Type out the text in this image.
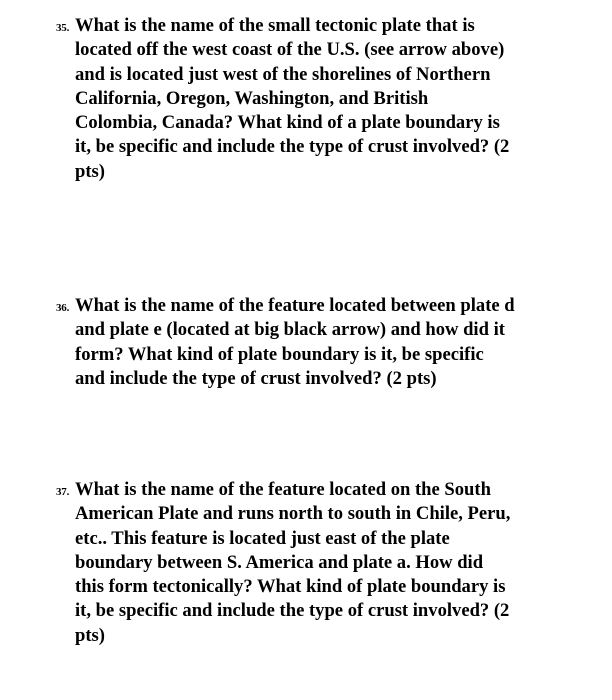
35. What is the name of the small tectonic plate that is
located off the west coast of the U.S. (see arrow above)
and is located just west of the shorelines of Northern
California, Oregon, Washington, and British
Colombia, Canada? What kind of a plate boundary is
it, be specific and include the type of crust involved? (2
pts)

36. What is the name of the feature located between plate d
and plate e (located at big black arrow) and how did it
form? What kind of plate boundary is it, be specific
and include the type of crust involved? (2 pts)

37. What is the name of the feature located on the South
American Plate and runs north to south in Chile, Peru,
etc.. This feature is located just east of the plate
boundary between S. America and plate a. How did
this form tectonically? What kind of plate boundary is
it, be specific and include the type of crust involved? (2
pts)
